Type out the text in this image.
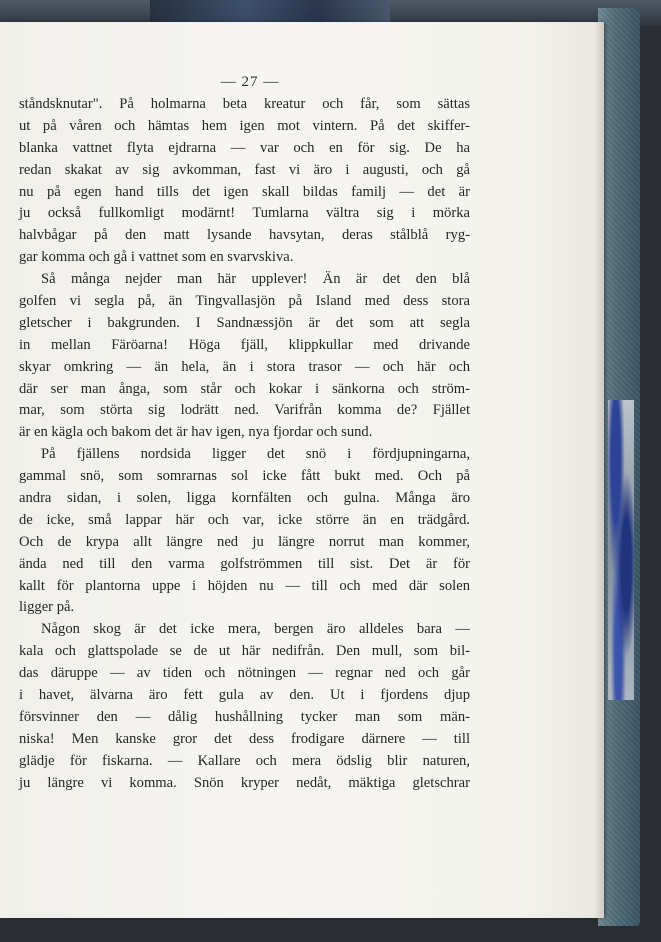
— 27 —
ståndsknutar". På holmarna beta kreatur och får, som sättas
ut på våren och hämtas hem igen mot vintern. På det skiffer-
blanka vattnet flyta ejdrarna — var och en för sig. De ha
redan skakat av sig avkomman, fast vi äro i augusti, och gå
nu på egen hand tills det igen skall bildas familj — det är
ju också fullkomligt modärnt! Tumlarna vältra sig i mörka
halvbågar på den matt lysande havsytan, deras stålblå ryg-
gar komma och gå i vattnet som en svarvskiva.
Så många nejder man här upplever! Än är det den blå
golfen vi segla på, än Tingvallasjön på Island med dess stora
gletscher i bakgrunden. I Sandnæssjön är det som att segla
in mellan Färöarna! Höga fjäll, klippkullar med drivande
skyar omkring — än hela, än i stora trasor — och här och
där ser man ånga, som står och kokar i sänkorna och ström-
mar, som störta sig lodrätt ned. Varifrån komma de? Fjället
är en kägla och bakom det är hav igen, nya fjordar och sund.
På fjällens nordsida ligger det snö i fördjupningarna,
gammal snö, som somrarnas sol icke fått bukt med. Och på
andra sidan, i solen, ligga kornfälten och gulna. Många äro
de icke, små lappar här och var, icke större än en trädgård.
Och de krypa allt längre ned ju längre norrut man kommer,
ända ned till den varma golfströmmen till sist. Det är för
kallt för plantorna uppe i höjden nu — till och med där solen
ligger på.
Någon skog är det icke mera, bergen äro alldeles bara —
kala och glattspolade se de ut här nedifrån. Den mull, som bil-
das däruppe — av tiden och nötningen — regnar ned och går
i havet, älvarna äro fett gula av den. Ut i fjordens djup
försvinner den — dålig hushållning tycker man som män-
niska! Men kanske gror det dess frodigare därnere — till
glädje för fiskarna. — Kallare och mera ödslig blir naturen,
ju längre vi komma. Snön kryper nedåt, mäktiga gletschrar
